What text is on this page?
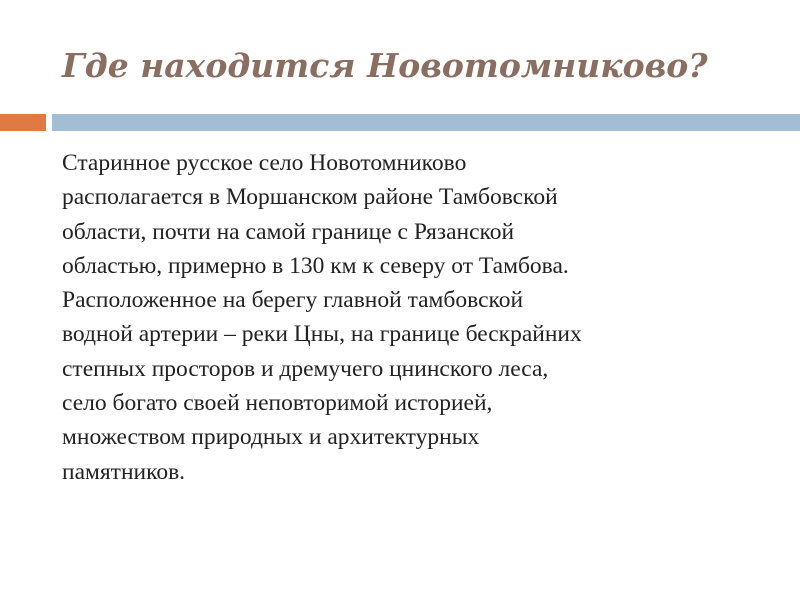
Где находится Новотомниково?

Старинное русское село Новотомниково
располагается в Моршанском районе Тамбовской
области, почти на самой границе с Рязанской
областью, примерно в 130 км к северу от Тамбова.
Расположенное на берегу главной тамбовской
водной артерии – реки Цны, на границе бескрайних
степных просторов и дремучего цнинского леса,
село богато своей неповторимой историей,
множеством природных и архитектурных
памятников.
